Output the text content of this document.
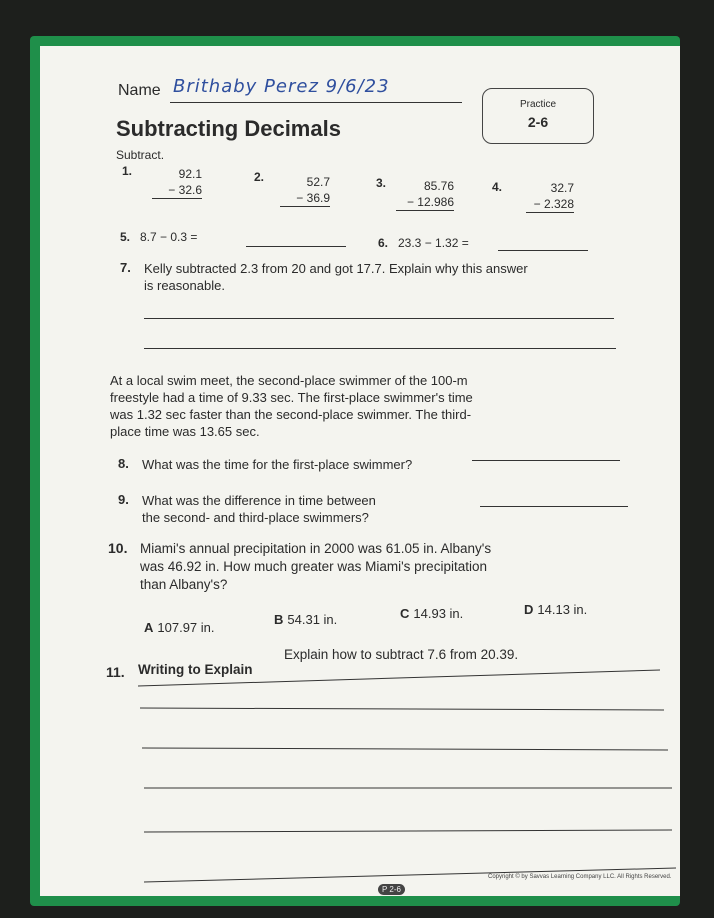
Name Brithaby Perez 9/6/23
Subtracting Decimals
Practice
2-6
Subtract.
1.	92.1
− 32.6
2.	52.7
− 36.9
3.	85.76
− 12.986
4.	32.7
− 2.328
5. 8.7 − 0.3 =	6. 23.3 − 1.32 =
7. Kelly subtracted 2.3 from 20 and got 17.7. Explain why this answer
is reasonable.
At a local swim meet, the second-place swimmer of the 100-m
freestyle had a time of 9.33 sec. The first-place swimmer's time
was 1.32 sec faster than the second-place swimmer. The third-
place time was 13.65 sec.
8. What was the time for the first-place swimmer?
9. What was the difference in time between
the second- and third-place swimmers?
10. Miami's annual precipitation in 2000 was 61.05 in. Albany's
was 46.92 in. How much greater was Miami's precipitation
than Albany's?
A 107.97 in.
B 54.31 in.	C 14.93 in.	D 14.13 in.
11. Writing to Explain
Explain how to subtract 7.6 from 20.39.
P 2-6
Copyright © by Savvas Learning Company LLC. All Rights Reserved.
